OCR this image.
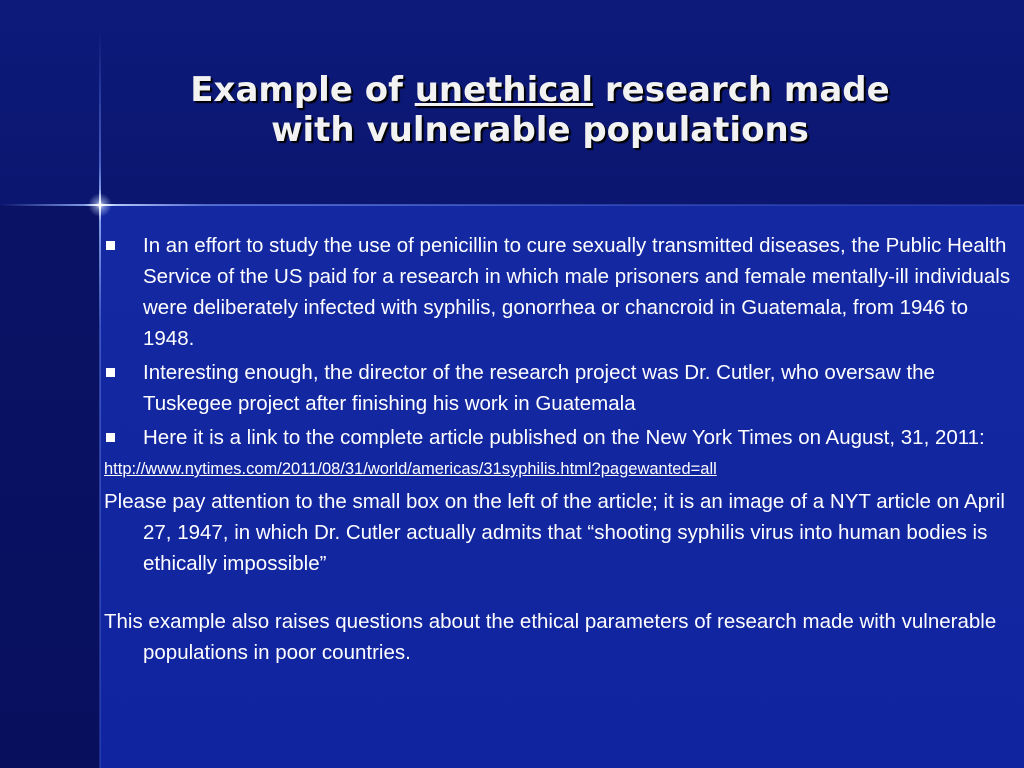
Example of unethical research made
with vulnerable populations
In an effort to study the use of penicillin to cure sexually transmitted diseases, the Public Health Service of the US paid for a research in which male prisoners and female mentally-ill individuals were deliberately infected with syphilis, gonorrhea or chancroid in Guatemala, from 1946 to 1948.
Interesting enough, the director of the research project was Dr. Cutler, who oversaw the Tuskegee project after finishing his work in Guatemala
Here it is a link to the complete article published on the New York Times on August, 31, 2011:
http://www.nytimes.com/2011/08/31/world/americas/31syphilis.html?pagewanted=all
Please pay attention to the small box on the left of the article; it is an image of a NYT article on April 27, 1947, in which Dr. Cutler actually admits that “shooting syphilis virus into human bodies is ethically impossible”
This example also raises questions about the ethical parameters of research made with vulnerable populations in poor countries.
